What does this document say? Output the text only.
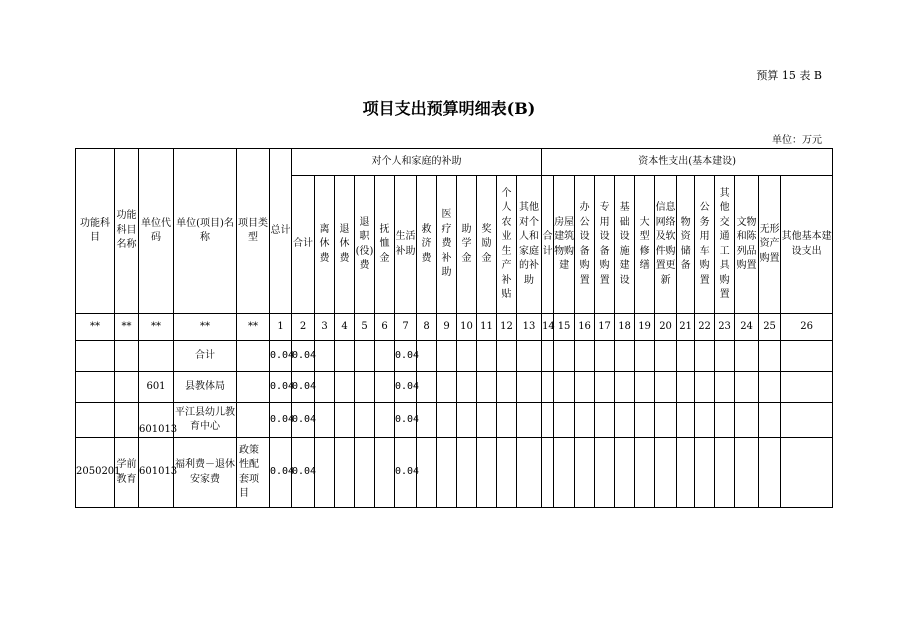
预算 15 表 B
项目支出预算明细表(B)
单位：万元
功能科目	功能科目名称	单位代码	单位(项目)名称	项目类型	总计	对个人和家庭的补助												资本性支出(基本建设)												
						合计	离休费	退休费	退职(役)费	抚恤金	生活补助	救济费	医疗费补助	助学金	奖励金	个人农业生产补贴	其他对个人和家庭的补助	合计	房屋建筑物购建	办公设备购置	专用设备购置	基础设施建设	大型修缮	信息网络及软件购置更新	物资储备	公务用车购置	其他交通工具购置	文物和陈列品购置	无形资产购置	其他基本建设支出
**	**	**	**	**	1	2	3	4	5	6	7	8	9	10	11	12	13	14	15	16	17	18	19	20	21	22	23	24	25	26
			合计		0.04	0.04					0.04																			
		601	县教体局		0.04	0.04					0.04																			
		601013	平江县幼儿教育中心		0.04	0.04					0.04																			
2050201	学前教育	601013	福利费－退休安家费	政策性配套项目	0.04	0.04					0.04																			
